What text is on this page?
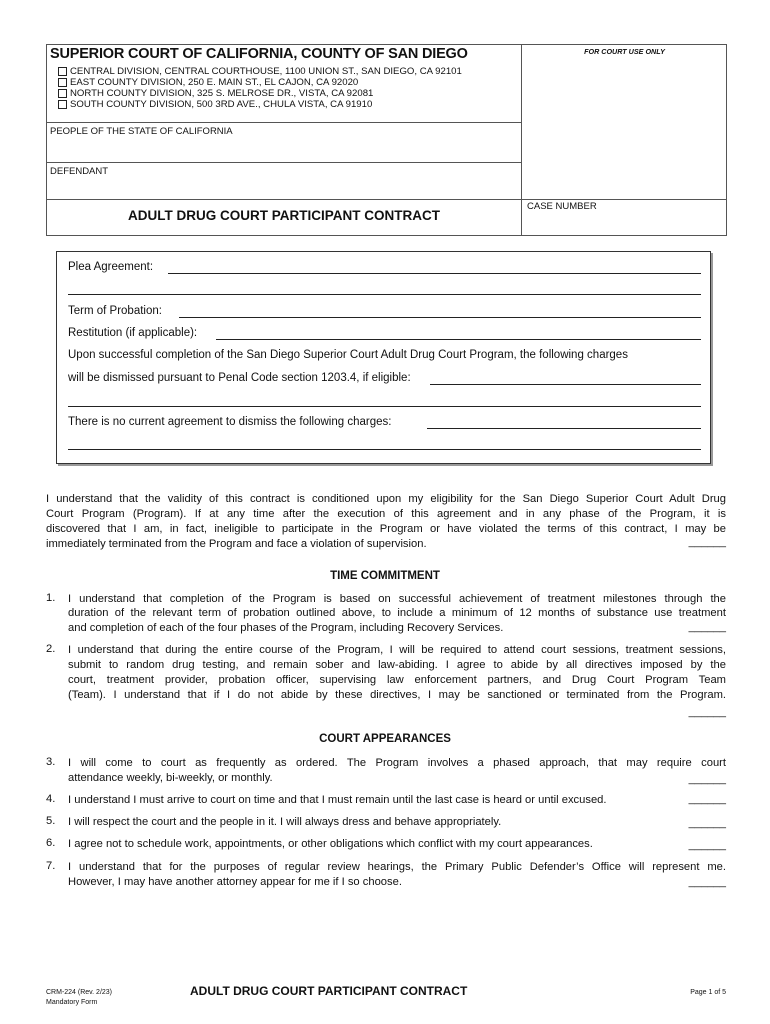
SUPERIOR COURT OF CALIFORNIA, COUNTY OF SAN DIEGO
CENTRAL DIVISION, CENTRAL COURTHOUSE, 1100 UNION ST., SAN DIEGO, CA 92101
EAST COUNTY DIVISION, 250 E. MAIN ST., EL CAJON, CA 92020
NORTH COUNTY DIVISION, 325 S. MELROSE DR., VISTA, CA 92081
SOUTH COUNTY DIVISION, 500 3RD AVE., CHULA VISTA, CA 91910
FOR COURT USE ONLY
PEOPLE OF THE STATE OF CALIFORNIA
DEFENDANT
CASE NUMBER
ADULT DRUG COURT PARTICIPANT CONTRACT
Plea Agreement:
Term of Probation:
Restitution (if applicable):
Upon successful completion of the San Diego Superior Court Adult Drug Court Program, the following charges
will be dismissed pursuant to Penal Code section 1203.4, if eligible:
There is no current agreement to dismiss the following charges:
I understand that the validity of this contract is conditioned upon my eligibility for the San Diego Superior Court Adult Drug
Court Program (Program). If at any time after the execution of this agreement and in any phase of the Program, it is
discovered that I am, in fact, ineligible to participate in the Program or have violated the terms of this contract, I may be
immediately terminated from the Program and face a violation of supervision.	______
TIME COMMITMENT
1. I understand that completion of the Program is based on successful achievement of treatment milestones through the
duration of the relevant term of probation outlined above, to include a minimum of 12 months of substance use treatment
and completion of each of the four phases of the Program, including Recovery Services.	______
2. I understand that during the entire course of the Program, I will be required to attend court sessions, treatment sessions,
submit to random drug testing, and remain sober and law-abiding. I agree to abide by all directives imposed by the
court, treatment provider, probation officer, supervising law enforcement partners, and Drug Court Program Team
(Team). I understand that if I do not abide by these directives, I may be sanctioned or terminated from the Program.
______
COURT APPEARANCES
3. I will come to court as frequently as ordered. The Program involves a phased approach, that may require court
attendance weekly, bi-weekly, or monthly.	______
4. I understand I must arrive to court on time and that I must remain until the last case is heard or until excused.	______
5. I will respect the court and the people in it. I will always dress and behave appropriately.	______
6. I agree not to schedule work, appointments, or other obligations which conflict with my court appearances.	______
7. I understand that for the purposes of regular review hearings, the Primary Public Defender’s Office will represent me.
However, I may have another attorney appear for me if I so choose.	______
CRM-224 (Rev. 2/23)
Mandatory Form
ADULT DRUG COURT PARTICIPANT CONTRACT	Page 1 of 5
